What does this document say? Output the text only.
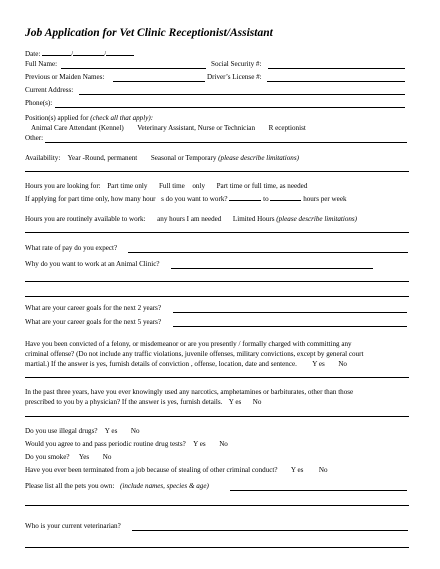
Job Application for Vet Clinic Receptionist/Assistant
Date:	/	/
Full Name:	Social Security #:
Previous or Maiden Names:	Driver’s License #:
Current Address:
Phone(s):
Position(s) applied for (check all that apply):
Animal Care Attendant (Kennel) Veterinary Assistant, Nurse or Technician R eceptionist
Other:
Availability: Year -Round, permanent Seasonal or Temporary (please describe limitations)
Hours you are looking for: Part time only Full time only Part time or full time, as needed
If applying for part time only, how many hour s do you want to work?	to	hours per week
Hours you are routinely available to work: any hours I am needed Limited Hours (please describe limitations)
What rate of pay do you expect?
Why do you want to work at an Animal Clinic?
What are your career goals for the next 2 years?
What are your career goals for the next 5 years?
Have you been convicted of a felony, or misdemeanor or are you presently / formally charged with committing any
criminal offense? (Do not include any traffic violations, juvenile offenses, military convictions, except by general court
martial.) If the answer is yes, furnish details of conviction , offense, location, date and sentence. Y es No
In the past three years, have you ever knowingly used any narcotics, amphetamines or barbiturates, other than those
prescribed to you by a physician? If the answer is yes, furnish details. Y es No
Do you use illegal drugs? Y es No
Would you agree to and pass periodic routine drug tests? Y es No
Do you smoke? Yes No
Have you ever been terminated from a job because of stealing of other criminal conduct? Y es No
Please list all the pets you own: (include names, species & age)
Who is your current veterinarian?
